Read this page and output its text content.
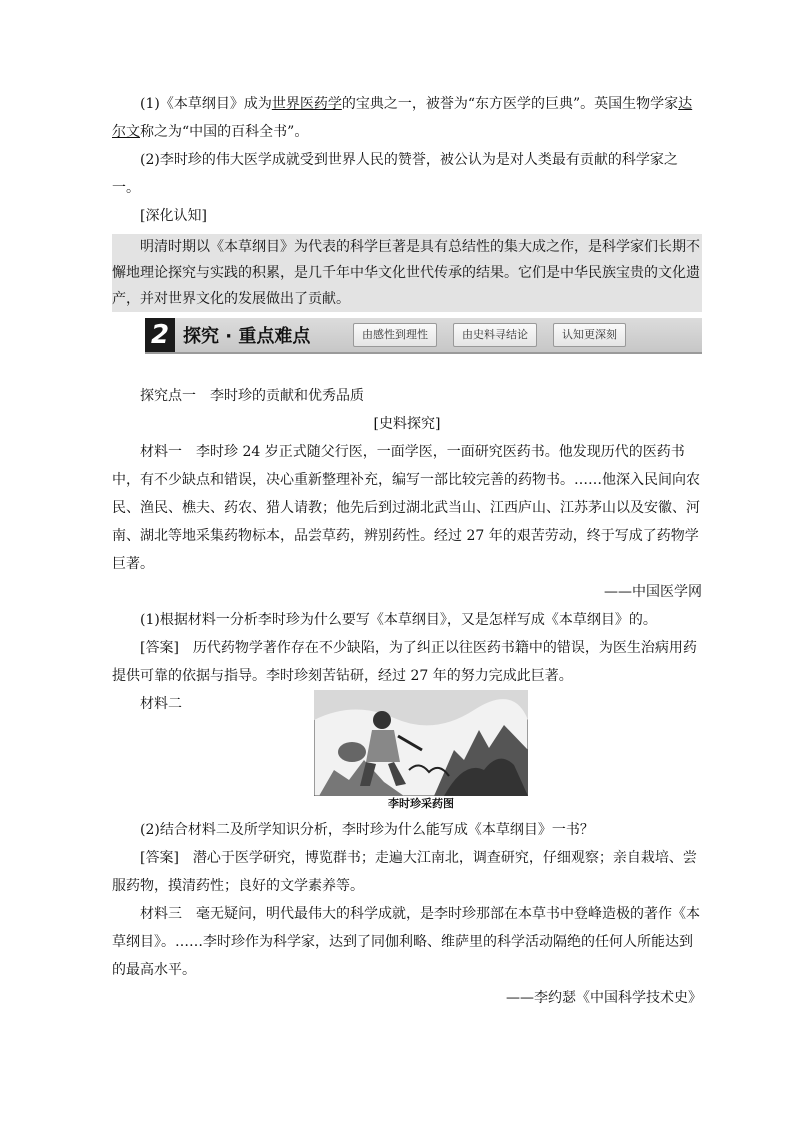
(1)《本草纲目》成为世界医药学的宝典之一，被誉为“东方医学的巨典”。英国生物学家达尔文称之为“中国的百科全书”。

(2)李时珍的伟大医学成就受到世界人民的赞誉，被公认为是对人类最有贡献的科学家之一。

[深化认知]

明清时期以《本草纲目》为代表的科学巨著是具有总结性的集大成之作，是科学家们长期不懈地理论探究与实践的积累，是几千年中华文化世代传承的结果。它们是中华民族宝贵的文化遗产，并对世界文化的发展做出了贡献。

2 探究 · 重点难点	由感性到理性	由史料寻结论	认知更深刻

探究点一　李时珍的贡献和优秀品质

[史料探究]

材料一　李时珍 24 岁正式随父行医，一面学医，一面研究医药书。他发现历代的医药书中，有不少缺点和错误，决心重新整理补充，编写一部比较完善的药物书。……他深入民间向农民、渔民、樵夫、药农、猎人请教；他先后到过湖北武当山、江西庐山、江苏茅山以及安徽、河南、湖北等地采集药物标本，品尝草药，辨别药性。经过 27 年的艰苦劳动，终于写成了药物学巨著。

——中国医学网

(1)根据材料一分析李时珍为什么要写《本草纲目》，又是怎样写成《本草纲目》的。

[答案]　历代药物学著作存在不少缺陷，为了纠正以往医药书籍中的错误，为医生治病用药提供可靠的依据与指导。李时珍刻苦钻研，经过 27 年的努力完成此巨著。

材料二

李时珍采药图

(2)结合材料二及所学知识分析，李时珍为什么能写成《本草纲目》一书？

[答案]　潜心于医学研究，博览群书；走遍大江南北，调查研究，仔细观察；亲自栽培、尝服药物，摸清药性；良好的文学素养等。

材料三　毫无疑问，明代最伟大的科学成就，是李时珍那部在本草书中登峰造极的著作《本草纲目》。……李时珍作为科学家，达到了同伽利略、维萨里的科学活动隔绝的任何人所能达到的最高水平。

——李约瑟《中国科学技术史》
